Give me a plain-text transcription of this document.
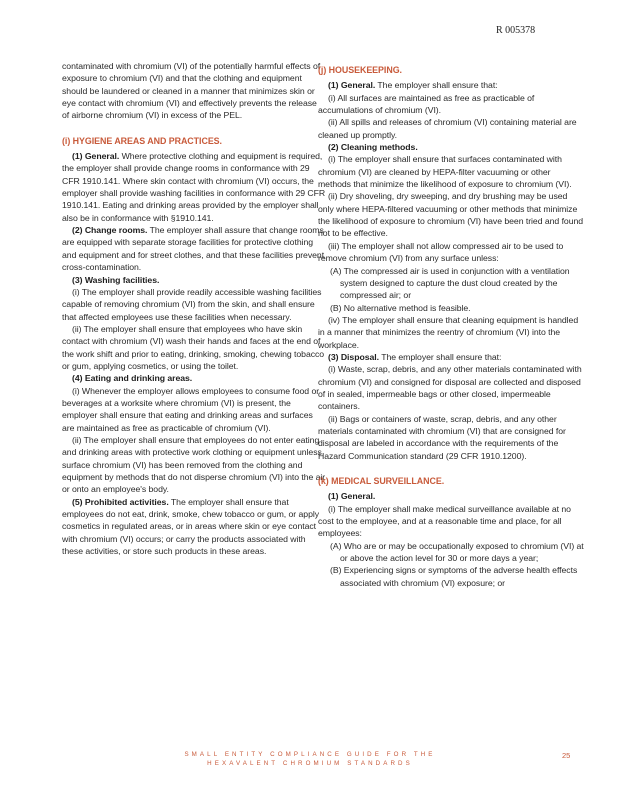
R 005378

contaminated with chromium (VI) of the potentially harmful effects of exposure to chromium (VI) and that the clothing and equipment should be laundered or cleaned in a manner that minimizes skin or eye contact with chromium (VI) and effectively prevents the release of airborne chromium (VI) in excess of the PEL.

(i) HYGIENE AREAS AND PRACTICES.

(1) General. Where protective clothing and equipment is required, the employer shall provide change rooms in conformance with 29 CFR 1910.141. Where skin contact with chromium (VI) occurs, the employer shall provide washing facilities in conformance with 29 CFR 1910.141. Eating and drinking areas provided by the employer shall also be in conformance with §1910.141.

(2) Change rooms. The employer shall assure that change rooms are equipped with separate storage facilities for protective clothing and equipment and for street clothes, and that these facilities prevent cross-contamination.

(3) Washing facilities.

(i) The employer shall provide readily accessible washing facilities capable of removing chromium (VI) from the skin, and shall ensure that affected employees use these facilities when necessary.

(ii) The employer shall ensure that employees who have skin contact with chromium (VI) wash their hands and faces at the end of the work shift and prior to eating, drinking, smoking, chewing tobacco or gum, applying cosmetics, or using the toilet.

(4) Eating and drinking areas.

(i) Whenever the employer allows employees to consume food or beverages at a worksite where chromium (VI) is present, the employer shall ensure that eating and drinking areas and surfaces are maintained as free as practicable of chromium (VI).

(ii) The employer shall ensure that employees do not enter eating and drinking areas with protective work clothing or equipment unless surface chromium (VI) has been removed from the clothing and equipment by methods that do not disperse chromium (VI) into the air or onto an employee's body.

(5) Prohibited activities. The employer shall ensure that employees do not eat, drink, smoke, chew tobacco or gum, or apply cosmetics in regulated areas, or in areas where skin or eye contact with chromium (VI) occurs; or carry the products associated with these activities, or store such products in these areas.

(j) HOUSEKEEPING.

(1) General. The employer shall ensure that:

(i) All surfaces are maintained as free as practicable of accumulations of chromium (VI).

(ii) All spills and releases of chromium (VI) containing material are cleaned up promptly.

(2) Cleaning methods.

(i) The employer shall ensure that surfaces contaminated with chromium (VI) are cleaned by HEPA-filter vacuuming or other methods that minimize the likelihood of exposure to chromium (VI).

(ii) Dry shoveling, dry sweeping, and dry brushing may be used only where HEPA-filtered vacuuming or other methods that minimize the likelihood of exposure to chromium (VI) have been tried and found not to be effective.

(iii) The employer shall not allow compressed air to be used to remove chromium (VI) from any surface unless:

(A) The compressed air is used in conjunction with a ventilation system designed to capture the dust cloud created by the compressed air; or

(B) No alternative method is feasible.

(iv) The employer shall ensure that cleaning equipment is handled in a manner that minimizes the reentry of chromium (VI) into the workplace.

(3) Disposal. The employer shall ensure that:

(i) Waste, scrap, debris, and any other materials contaminated with chromium (VI) and consigned for disposal are collected and disposed of in sealed, impermeable bags or other closed, impermeable containers.

(ii) Bags or containers of waste, scrap, debris, and any other materials contaminated with chromium (VI) that are consigned for disposal are labeled in accordance with the requirements of the Hazard Communication standard (29 CFR 1910.1200).

(k) MEDICAL SURVEILLANCE.

(1) General.

(i) The employer shall make medical surveillance available at no cost to the employee, and at a reasonable time and place, for all employees:

(A) Who are or may be occupationally exposed to chromium (VI) at or above the action level for 30 or more days a year;

(B) Experiencing signs or symptoms of the adverse health effects associated with chromium (VI) exposure; or

SMALL ENTITY COMPLIANCE GUIDE FOR THE
HEXAVALENT CHROMIUM STANDARDS
25
